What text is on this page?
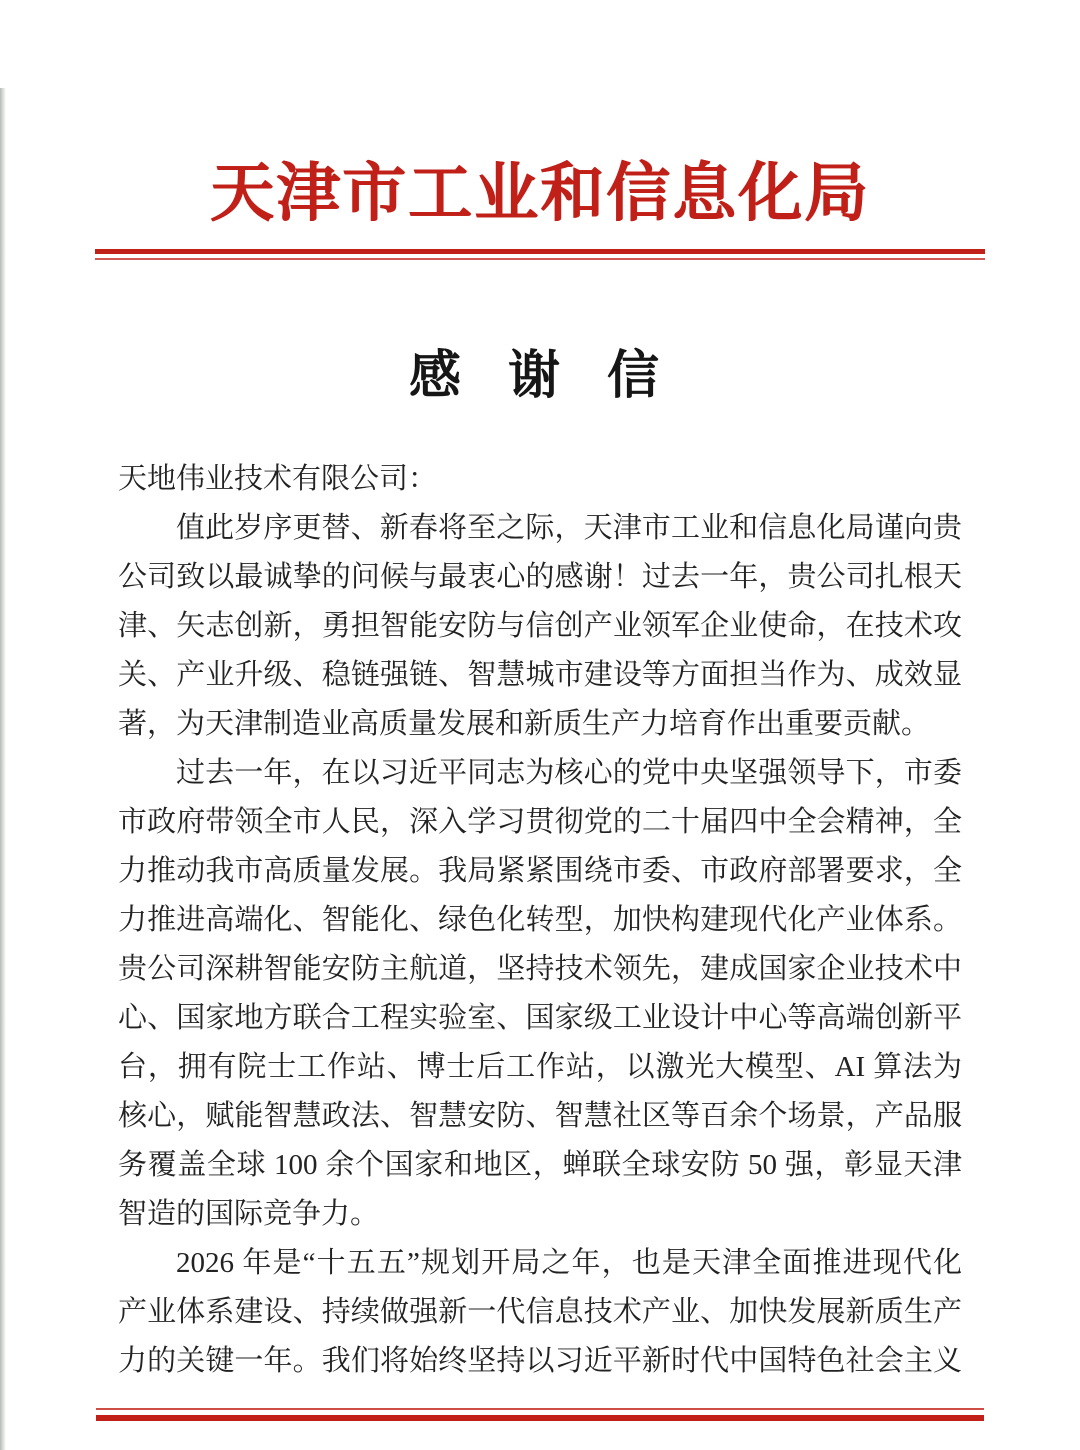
天津市工业和信息化局
感 谢 信
天地伟业技术有限公司：
值此岁序更替、新春将至之际，天津市工业和信息化局谨向贵
公司致以最诚挚的问候与最衷心的感谢！过去一年，贵公司扎根天
津、矢志创新，勇担智能安防与信创产业领军企业使命，在技术攻
关、产业升级、稳链强链、智慧城市建设等方面担当作为、成效显
著，为天津制造业高质量发展和新质生产力培育作出重要贡献。
过去一年，在以习近平同志为核心的党中央坚强领导下，市委
市政府带领全市人民，深入学习贯彻党的二十届四中全会精神，全
力推动我市高质量发展。我局紧紧围绕市委、市政府部署要求，全
力推进高端化、智能化、绿色化转型，加快构建现代化产业体系。
贵公司深耕智能安防主航道，坚持技术领先，建成国家企业技术中
心、国家地方联合工程实验室、国家级工业设计中心等高端创新平
台，拥有院士工作站、博士后工作站，以激光大模型、AI 算法为
核心，赋能智慧政法、智慧安防、智慧社区等百余个场景，产品服
务覆盖全球 100 余个国家和地区，蝉联全球安防 50 强，彰显天津
智造的国际竞争力。
2026 年是“十五五”规划开局之年，也是天津全面推进现代化
产业体系建设、持续做强新一代信息技术产业、加快发展新质生产
力的关键一年。我们将始终坚持以习近平新时代中国特色社会主义
